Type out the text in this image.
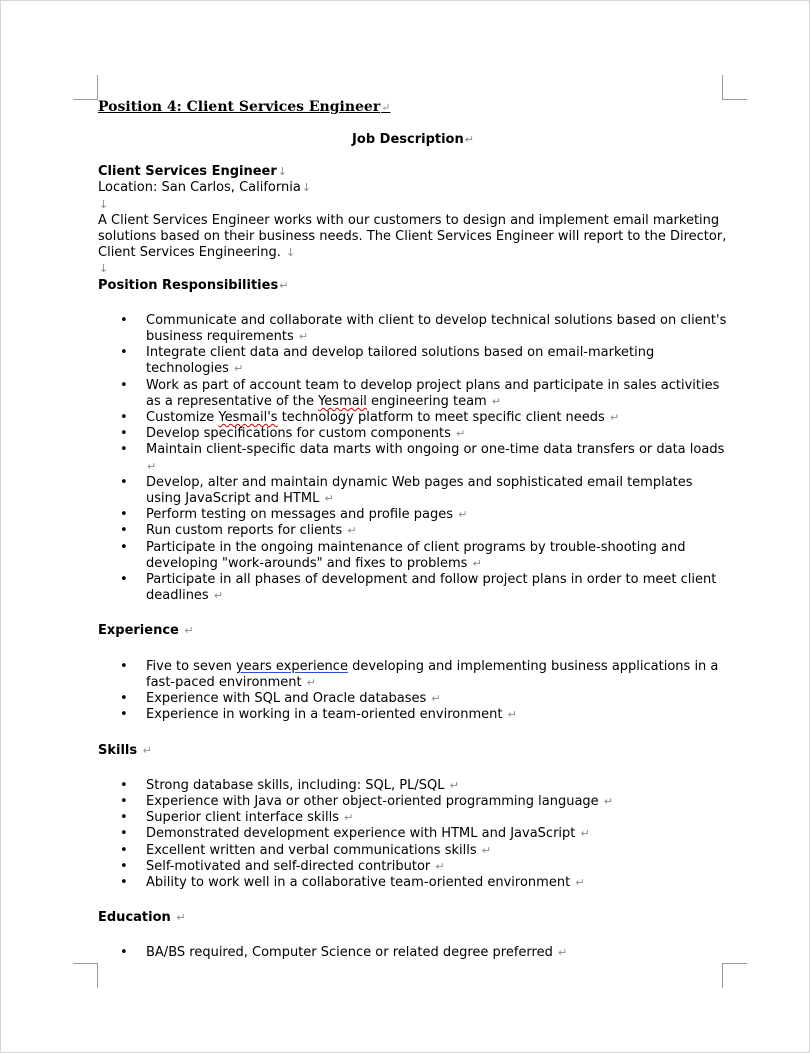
Position 4: Client Services Engineer↵
Job Description↵

Client Services Engineer↓

Location: San Carlos, California↓

↓

A Client Services Engineer works with our customers to design and implement email marketing solutions based on their business needs. The Client Services Engineer will report to the Director, Client Services Engineering. ↓

↓

Position Responsibilities↵

• Communicate and collaborate with client to develop technical solutions based on client's business requirements ↵
• Integrate client data and develop tailored solutions based on email-marketing technologies ↵
• Work as part of account team to develop project plans and participate in sales activities as a representative of the Yesmail engineering team ↵
• Customize Yesmail's technology platform to meet specific client needs ↵
• Develop specifications for custom components ↵
• Maintain client-specific data marts with ongoing or one-time data transfers or data loads ↵
• Develop, alter and maintain dynamic Web pages and sophisticated email templates using JavaScript and HTML ↵
• Perform testing on messages and profile pages ↵
• Run custom reports for clients ↵
• Participate in the ongoing maintenance of client programs by trouble-shooting and developing "work-arounds" and fixes to problems ↵
• Participate in all phases of development and follow project plans in order to meet client deadlines ↵

Experience ↵

• Five to seven years experience developing and implementing business applications in a fast-paced environment ↵
• Experience with SQL and Oracle databases ↵
• Experience in working in a team-oriented environment ↵

Skills ↵

• Strong database skills, including: SQL, PL/SQL ↵
• Experience with Java or other object-oriented programming language ↵
• Superior client interface skills ↵
• Demonstrated development experience with HTML and JavaScript ↵
• Excellent written and verbal communications skills ↵
• Self-motivated and self-directed contributor ↵
• Ability to work well in a collaborative team-oriented environment ↵

Education ↵

• BA/BS required, Computer Science or related degree preferred ↵
